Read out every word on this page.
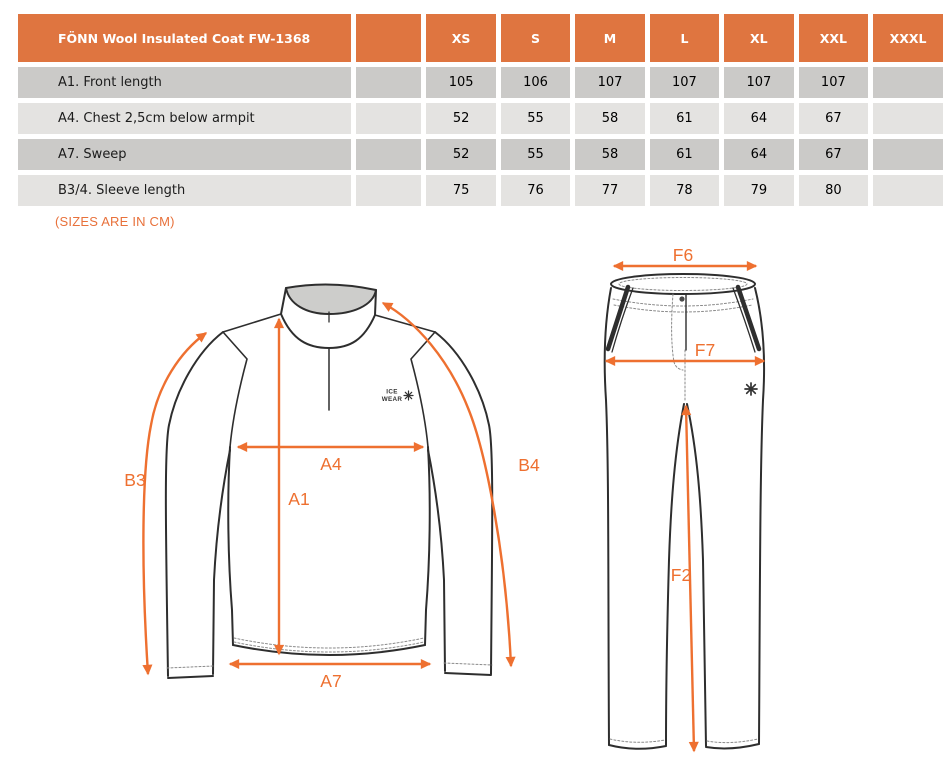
FÖNN Wool Insulated Coat FW-1368		XS	S	M	L	XL	XXL	XXXL
A1. Front length		105	106	107	107	107	107	
A4. Chest 2,5cm below armpit		52	55	58	61	64	67	
A7. Sweep		52	55	58	61	64	67	
B3/4. Sleeve length		75	76	77	78	79	80	
(SIZES ARE IN CM)
ICE
WEAR
B3
A4
A1
B4
A7
F6
F7
F2
